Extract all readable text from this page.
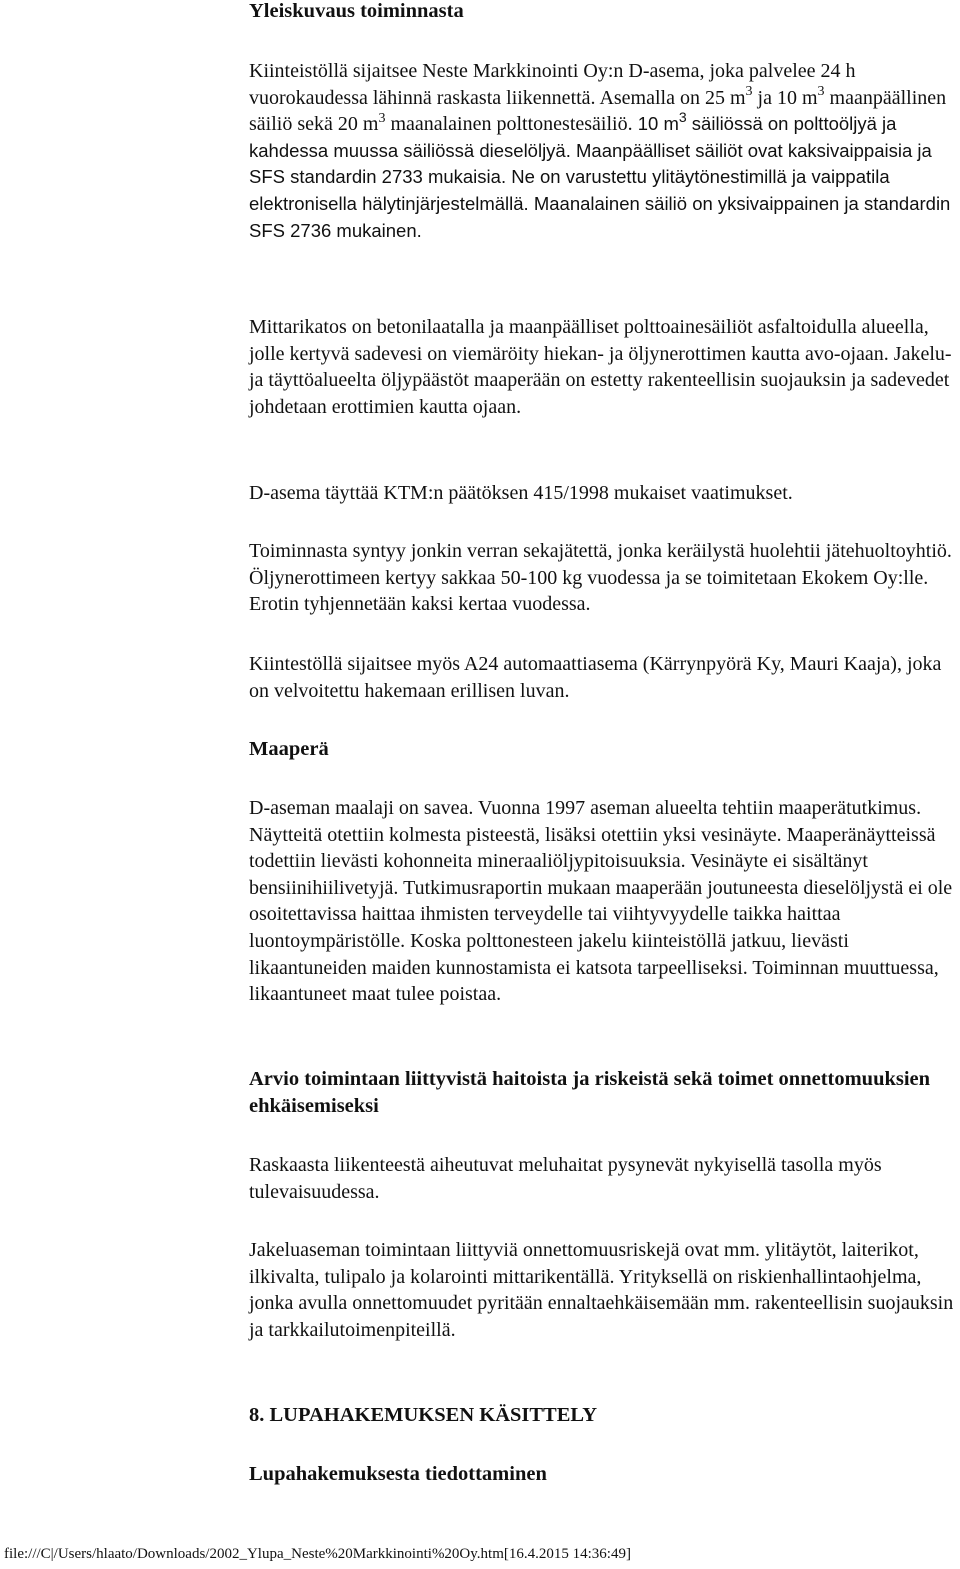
Yleiskuvaus toiminnasta

Kiinteistöllä sijaitsee Neste Markkinointi Oy:n D-asema, joka palvelee 24 h vuorokaudessa lähinnä raskasta liikennettä. Asemalla on 25 $m^3$ ja 10 $m^3$ maanpäällinen säiliö sekä 20 $m^3$ maanalainen polttonestesäiliö. 10 $m^3$ säiliössä on polttoöljyä ja kahdessa muussa säiliössä dieselöljyä. Maanpäälliset säiliöt ovat kaksivaippaisia ja SFS standardin 2733 mukaisia. Ne on varustettu ylitäytönestimillä ja vaippatila elektronisella hälytinjärjestelmällä. Maanalainen säiliö on yksivaippainen ja standardin SFS 2736 mukainen.

Mittarikatos on betonilaatalla ja maanpäälliset polttoainesäiliöt asfaltoidulla alueella, jolle kertyvä sadevesi on viemäröity hiekan- ja öljynerottimen kautta avo-ojaan. Jakelu- ja täyttöalueelta öljypäästöt maaperään on estetty rakenteellisin suojauksin ja sadevedet johdetaan erottimien kautta ojaan.

D-asema täyttää KTM:n päätöksen 415/1998 mukaiset vaatimukset.

Toiminnasta syntyy jonkin verran sekajätettä, jonka keräilystä huolehtii jätehuoltoyhtiö. Öljynerottimeen kertyy sakkaa 50-100 kg vuodessa ja se toimitetaan Ekokem Oy:lle. Erotin tyhjennetään kaksi kertaa vuodessa.

Kiintestöllä sijaitsee myös A24 automaattiasema (Kärrynpyörä Ky, Mauri Kaaja), joka on velvoitettu hakemaan erillisen luvan.

Maaperä

D-aseman maalaji on savea. Vuonna 1997 aseman alueelta tehtiin maaperätutkimus. Näytteitä otettiin kolmesta pisteestä, lisäksi otettiin yksi vesinäyte. Maaperänäytteissä todettiin lievästi kohonneita mineraaliöljypitoisuuksia. Vesinäyte ei sisältänyt bensiinihiilivetyjä. Tutkimusraportin mukaan maaperään joutuneesta dieselöljystä ei ole osoitettavissa haittaa ihmisten terveydelle tai viihtyvyydelle taikka haittaa luontoympäristölle. Koska polttonesteen jakelu kiinteistöllä jatkuu, lievästi likaantuneiden maiden kunnostamista ei katsota tarpeelliseksi. Toiminnan muuttuessa, likaantuneet maat tulee poistaa.

Arvio toimintaan liittyvistä haitoista ja riskeistä sekä toimet onnettomuuksien ehkäisemiseksi

Raskaasta liikenteestä aiheutuvat meluhaitat pysynevät nykyisellä tasolla myös tulevaisuudessa.

Jakeluaseman toimintaan liittyviä onnettomuusriskejä ovat mm. ylitäytöt, laiterikot, ilkivalta, tulipalo ja kolarointi mittarikentällä. Yrityksellä on riskienhallintaohjelma, jonka avulla onnettomuudet pyritään ennaltaehkäisemään mm. rakenteellisin suojauksin ja tarkkailutoimenpiteillä.

8. LUPAHAKEMUKSEN KÄSITTELY

Lupahakemuksesta tiedottaminen

file:///C|/Users/hlaato/Downloads/2002_Ylupa_Neste%20Markkinointi%20Oy.htm[16.4.2015 14:36:49]
